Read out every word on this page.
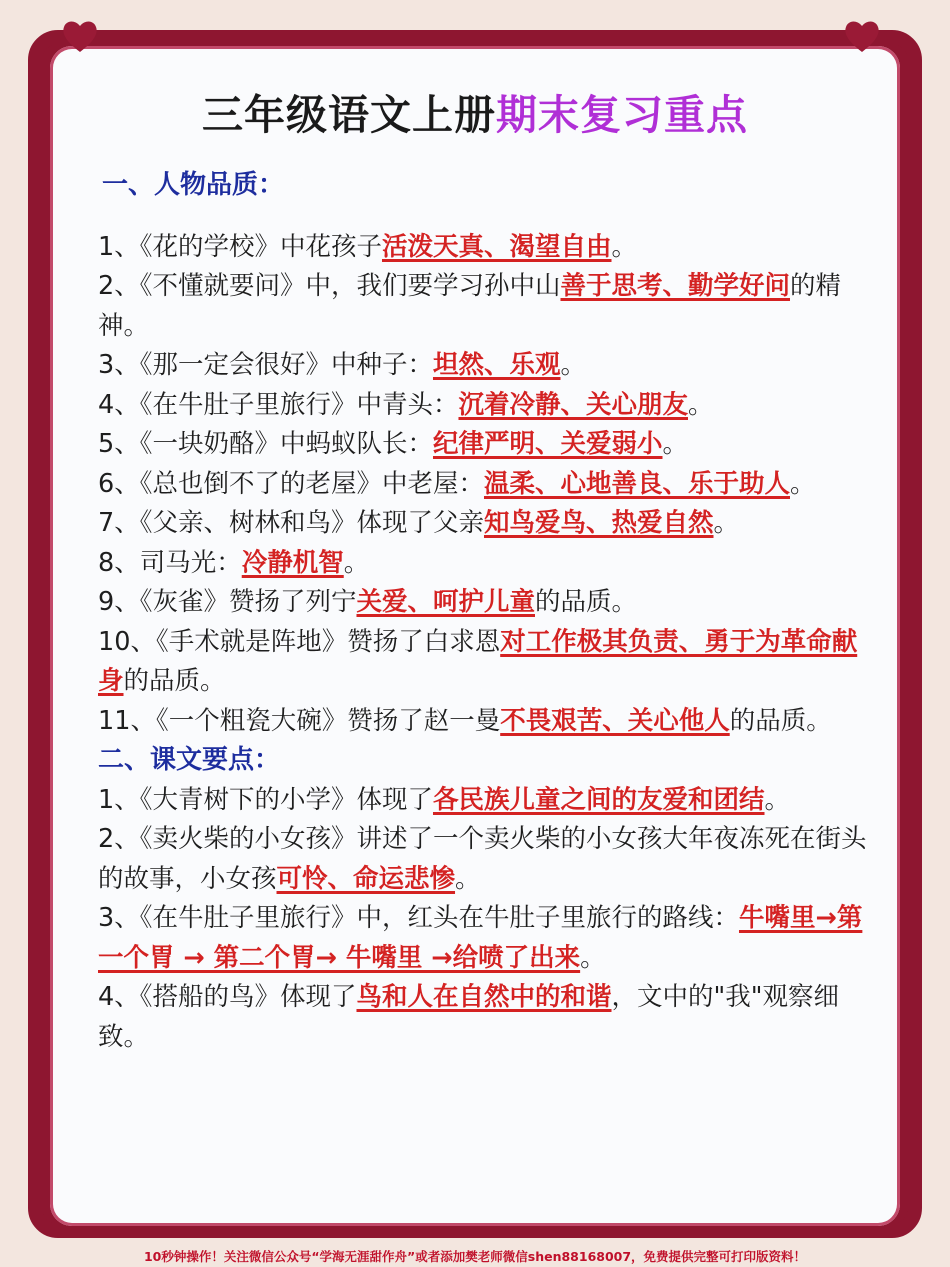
三年级语文上册期末复习重点
一、人物品质：

1、《花的学校》中花孩子活泼天真、渴望自由。

2、《不懂就要问》中，我们要学习孙中山善于思考、勤学好问的精神。

3、《那一定会很好》中种子：坦然、乐观。

4、《在牛肚子里旅行》中青头：沉着冷静、关心朋友。

5、《一块奶酪》中蚂蚁队长：纪律严明、关爱弱小。

6、《总也倒不了的老屋》中老屋：温柔、心地善良、乐于助人。

7、《父亲、树林和鸟》体现了父亲知鸟爱鸟、热爱自然。

8、司马光：冷静机智。

9、《灰雀》赞扬了列宁关爱、呵护儿童的品质。

10、《手术就是阵地》赞扬了白求恩对工作极其负责、勇于为革命献身的品质。

11、《一个粗瓷大碗》赞扬了赵一曼不畏艰苦、关心他人的品质。

二、课文要点：

1、《大青树下的小学》体现了各民族儿童之间的友爱和团结。

2、《卖火柴的小女孩》讲述了一个卖火柴的小女孩大年夜冻死在街头的故事，小女孩可怜、命运悲惨。

3、《在牛肚子里旅行》中，红头在牛肚子里旅行的路线：牛嘴里→第一个胃 → 第二个胃→ 牛嘴里 →给喷了出来。

4、《搭船的鸟》体现了鸟和人在自然中的和谐，文中的"我"观察细致。

10秒钟操作！关注微信公众号“学海无涯甜作舟”或者添加樊老师微信shen88168007，免费提供完整可打印版资料！
